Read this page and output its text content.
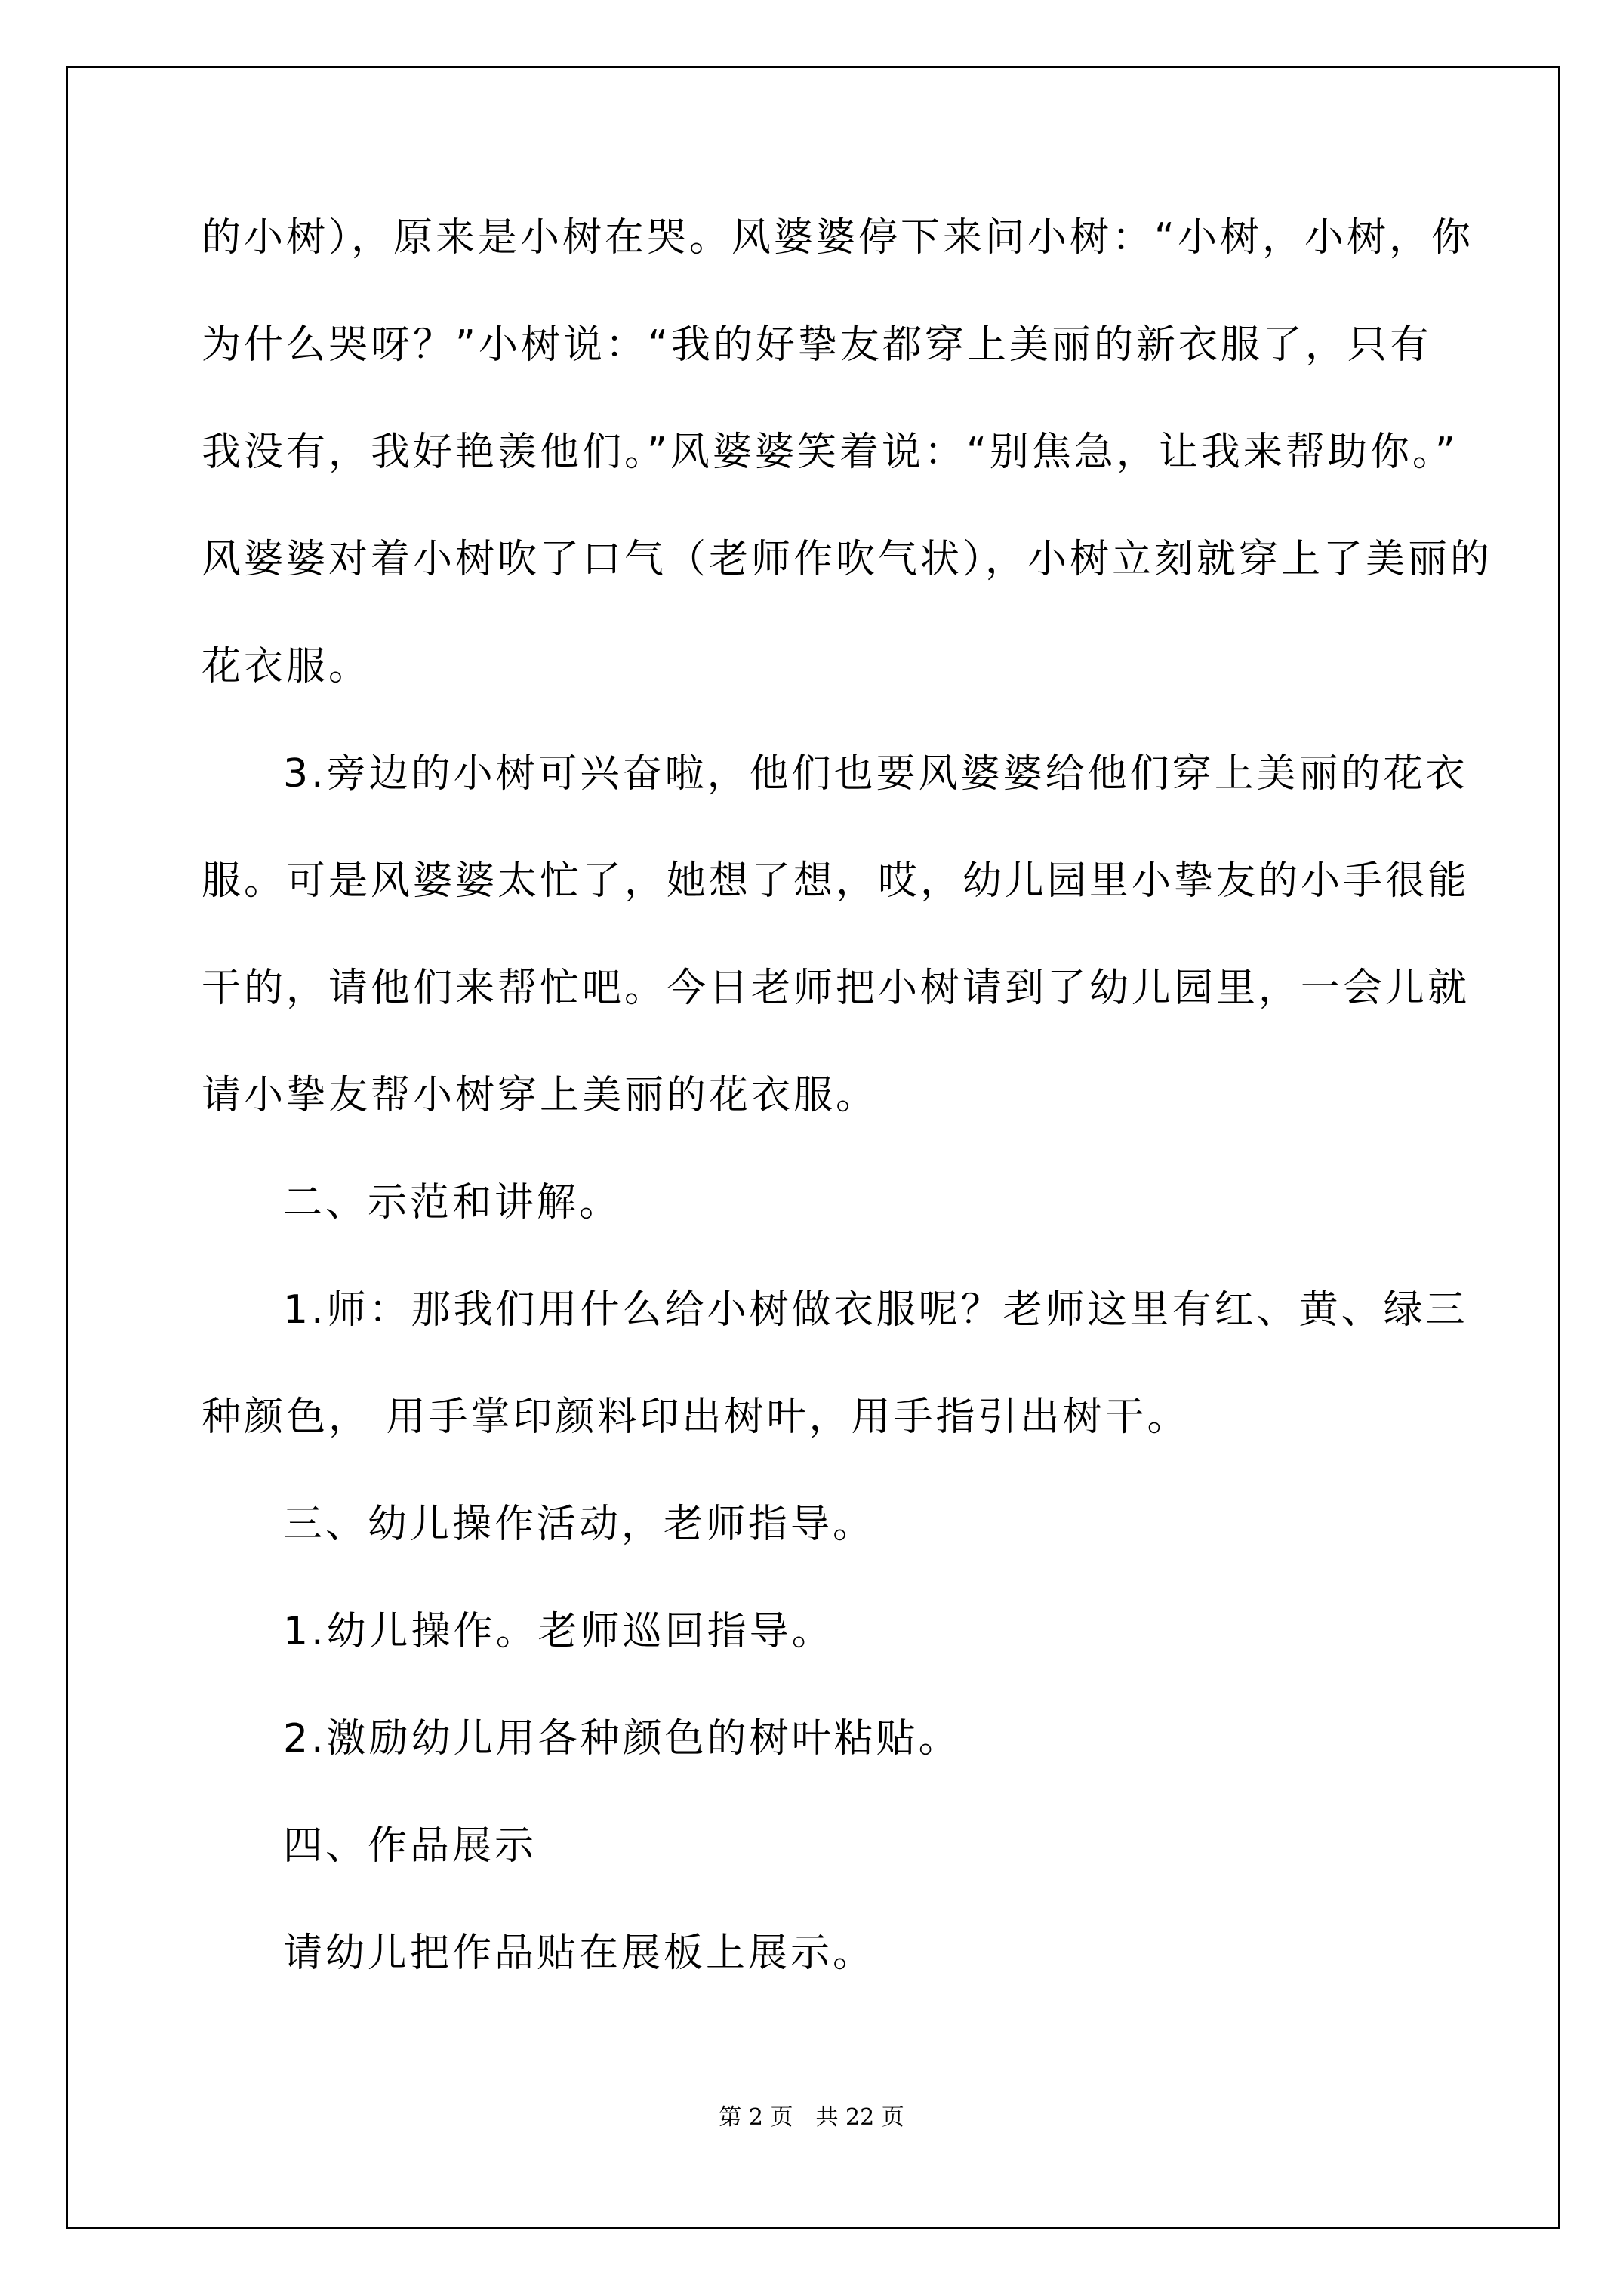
的小树），原来是小树在哭。风婆婆停下来问小树：“小树，小树，你
为什么哭呀？”小树说：“我的好挚友都穿上美丽的新衣服了，只有
我没有，我好艳羡他们。”风婆婆笑着说：“别焦急，让我来帮助你。”
风婆婆对着小树吹了口气（老师作吹气状），小树立刻就穿上了美丽的
花衣服。
3.旁边的小树可兴奋啦，他们也要风婆婆给他们穿上美丽的花衣
服。可是风婆婆太忙了，她想了想，哎，幼儿园里小挚友的小手很能
干的，请他们来帮忙吧。今日老师把小树请到了幼儿园里，一会儿就
请小挚友帮小树穿上美丽的花衣服。
二、示范和讲解。
1.师：那我们用什么给小树做衣服呢？老师这里有红、黄、绿三
种颜色， 用手掌印颜料印出树叶，用手指引出树干。
三、幼儿操作活动，老师指导。
1.幼儿操作。老师巡回指导。
2.激励幼儿用各种颜色的树叶粘贴。
四、作品展示
请幼儿把作品贴在展板上展示。
第 2 页　共 22 页
